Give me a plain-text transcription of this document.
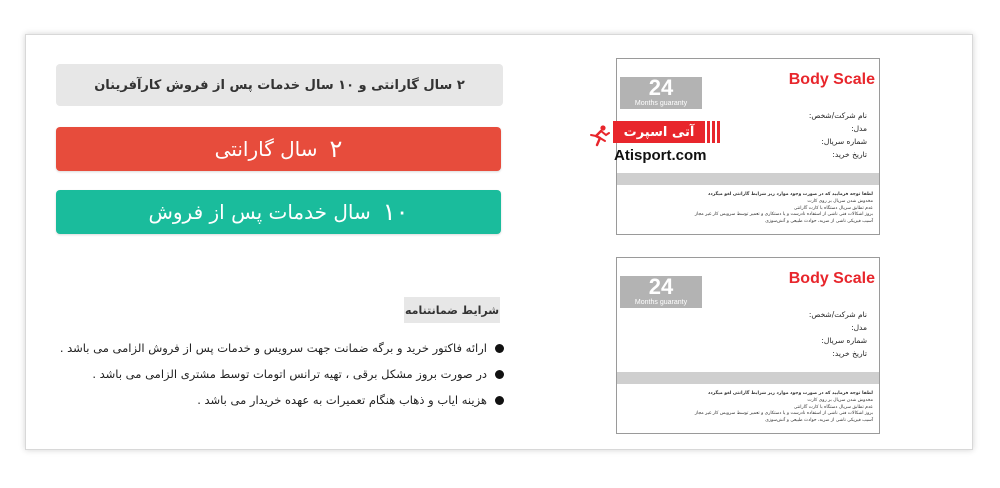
۲ سال گارانتی و ۱۰ سال خدمات پس از فروش کارآفرینان
۲
سال گارانتی
۱۰
سال خدمات پس از فروش
شرایط ضمانتنامه
ارائه فاکتور خرید و برگه ضمانت جهت سرویس و خدمات پس از فروش الزامی می باشد .
در صورت بروز مشکل برقی ، تهیه ترانس اتومات توسط مشتری الزامی می باشد .
هزینه ایاب و ذهاب هنگام تعمیرات به عهده خریدار می باشد .
24
Months guaranty
Body Scale
نام شرکت/شخص:
مدل:
شماره سریال:
تاریخ خرید:
لطفا توجه فرمایید که در صورت وجود موارد زیر شرایط گارانتی لغو میگردد
مخدوش شدن سریال بر روی کارت
عدم تطابق سریال دستگاه با کارت گارانتی
بروز اشکالات فنی ناشی از استفاده نادرست و یا دستکاری و تعمیر توسط سرویس کار غیر مجاز
آسیب فیزیکی ناشی از ضربه، حوادث طبیعی و آتش‌سوزی
24
Months guaranty
Body Scale
نام شرکت/شخص:
مدل:
شماره سریال:
تاریخ خرید:
لطفا توجه فرمایید که در صورت وجود موارد زیر شرایط گارانتی لغو میگردد
مخدوش شدن سریال بر روی کارت
عدم تطابق سریال دستگاه با کارت گارانتی
بروز اشکالات فنی ناشی از استفاده نادرست و یا دستکاری و تعمیر توسط سرویس کار غیر مجاز
آسیب فیزیکی ناشی از ضربه، حوادث طبیعی و آتش‌سوزی
آتی اسپرت
Atisport.com
